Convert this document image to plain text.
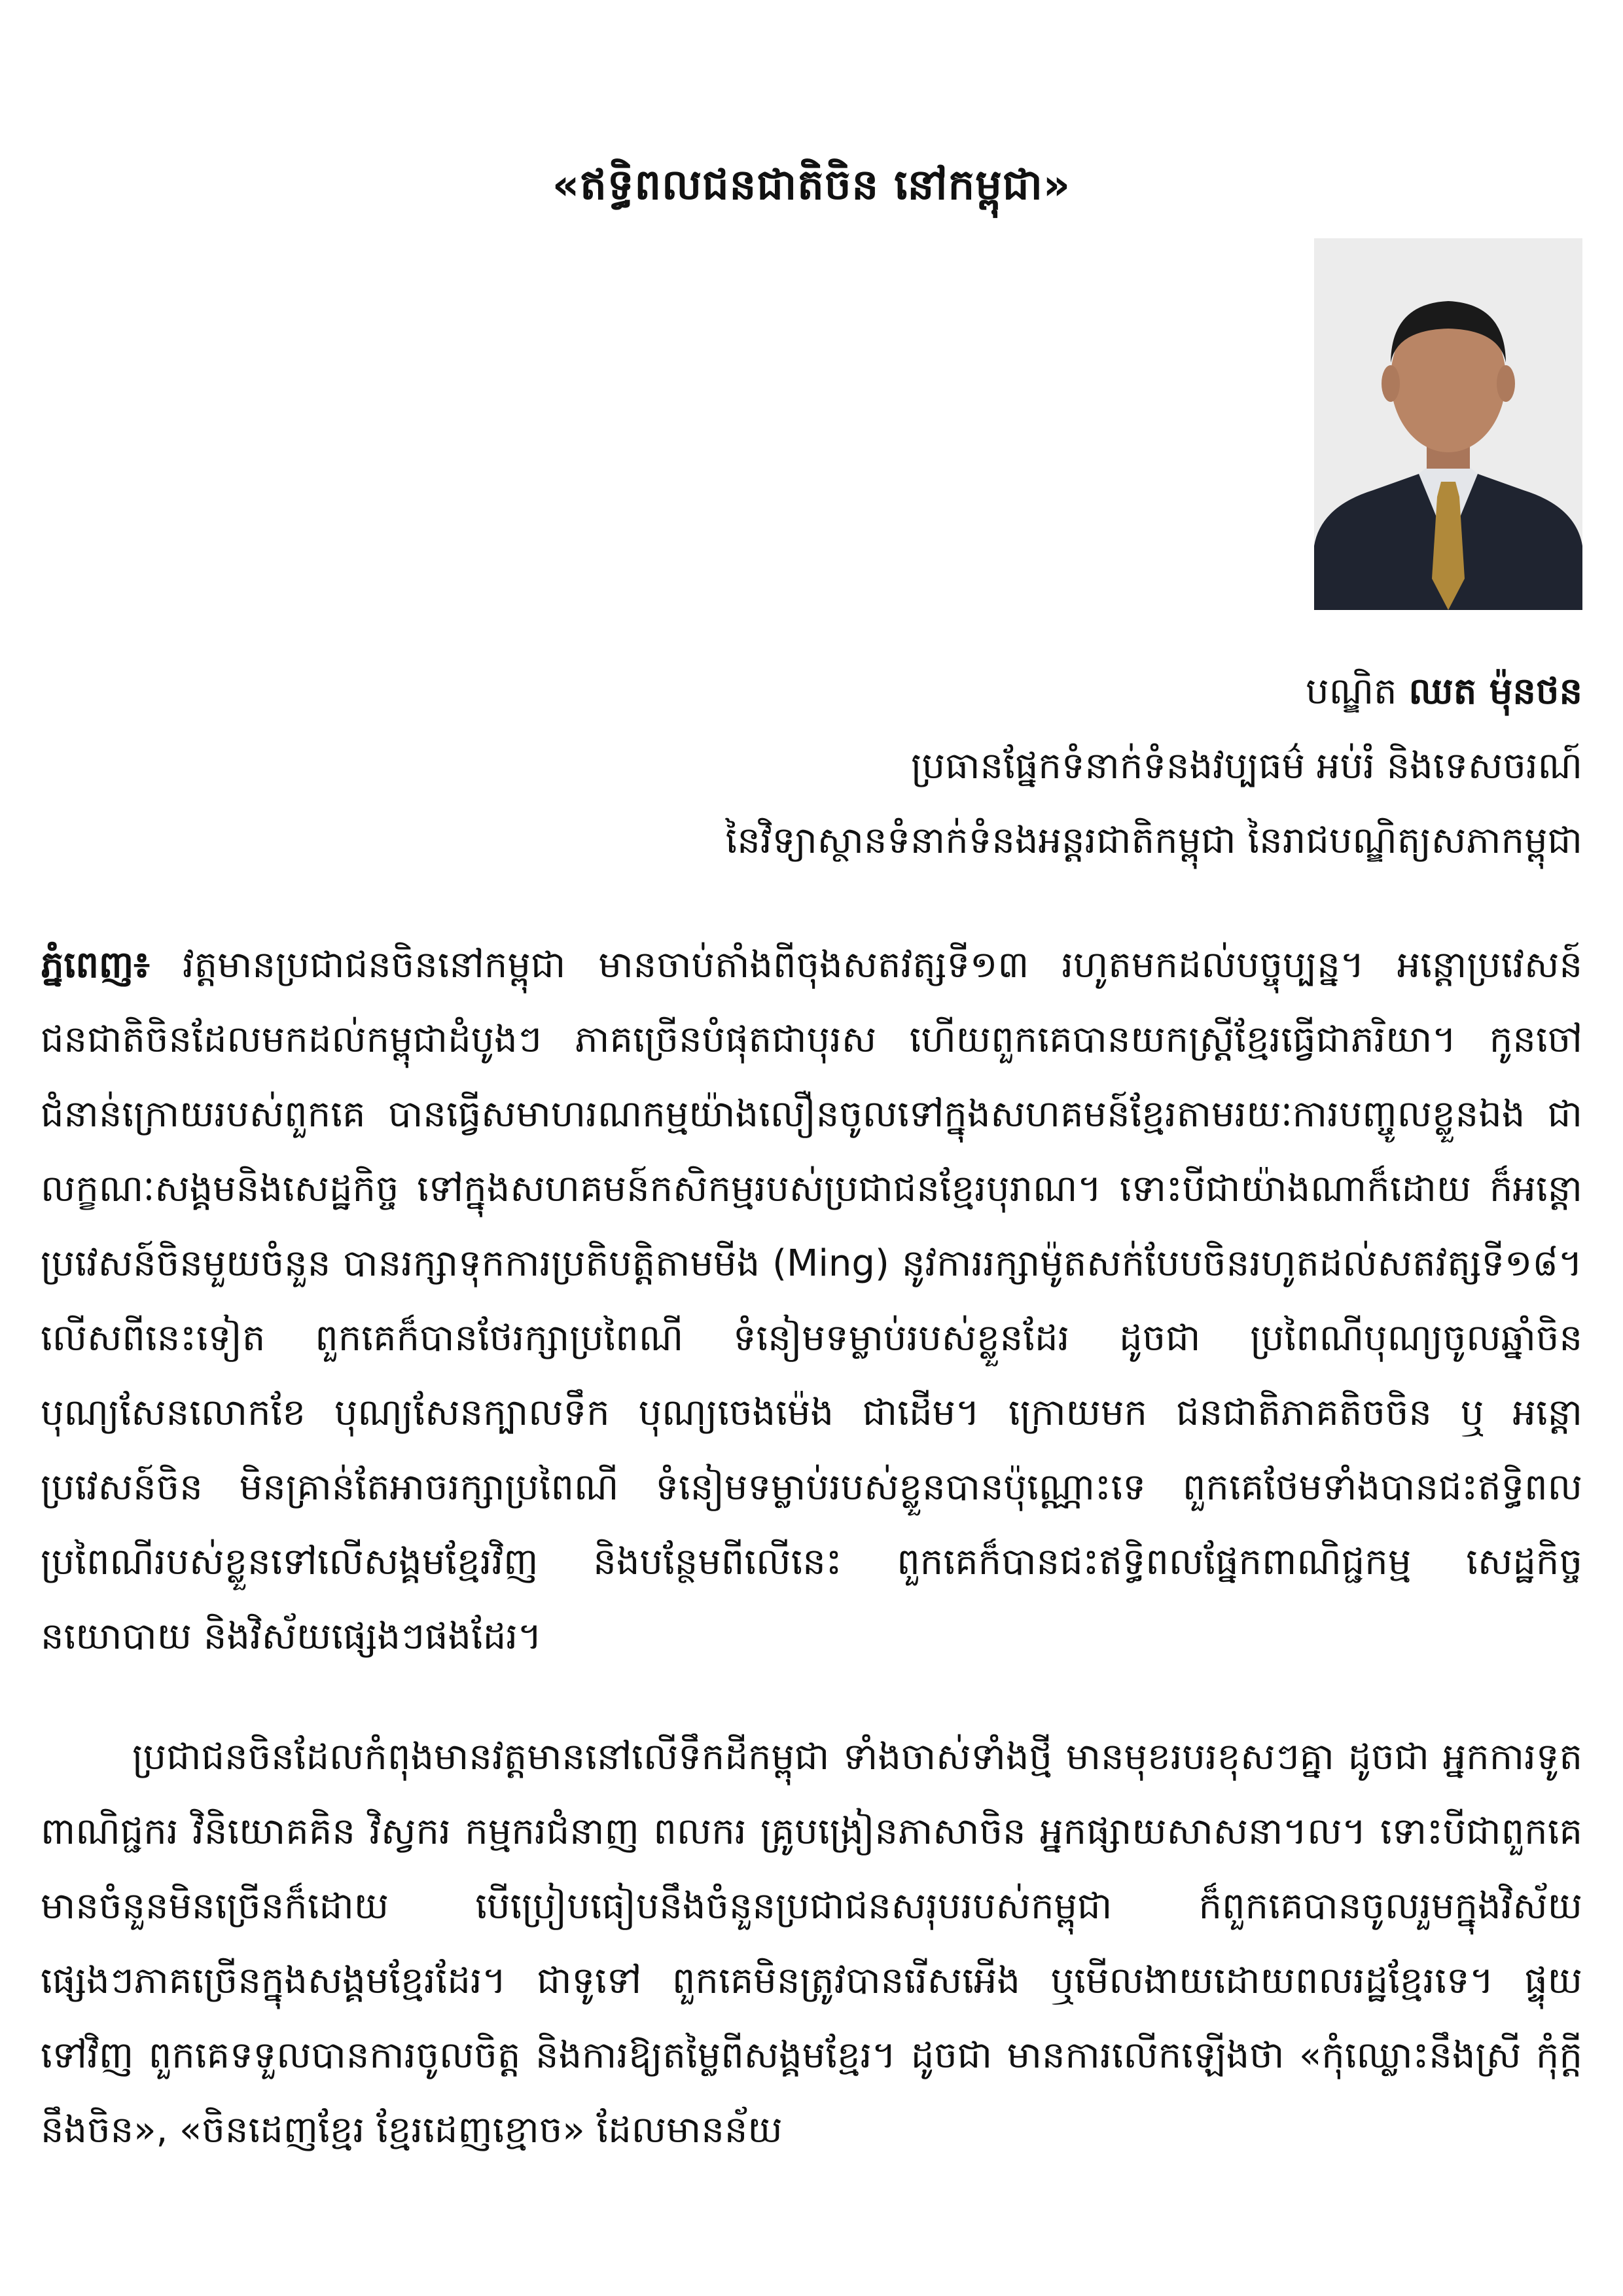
«ឥទ្ធិពលជនជាតិចិន នៅកម្ពុជា»
បណ្ឌិត ឈត ម៉ុនថន
ប្រធានផ្នែកទំនាក់ទំនងវប្បធម៌ អប់រំ និងទេសចរណ៍
នៃវិទ្យាស្ថានទំនាក់ទំនងអន្តរជាតិកម្ពុជា នៃរាជបណ្ឌិត្យសភាកម្ពុជា

ភ្នំពេញ៖ វត្តមានប្រជាជនចិននៅកម្ពុជា មានចាប់តាំងពីចុងសតវត្សទី១៣ រហូតមកដល់បច្ចុប្បន្ន។ អន្តោប្រវេសន៍ជនជាតិចិនដែលមកដល់កម្ពុជាដំបូងៗ ភាគច្រើនបំផុតជាបុរស ហើយពួកគេបានយកស្ត្រីខ្មែរធ្វើជាភរិយា។ កូនចៅជំនាន់ក្រោយរបស់ពួកគេ បានធ្វើសមាហរណកម្មយ៉ាងលឿនចូលទៅក្នុងសហគមន៍ខ្មែរតាមរយៈការបញ្ចូលខ្លួនឯង ជាលក្ខណៈសង្គមនិងសេដ្ឋកិច្ច ទៅក្នុងសហគមន៍កសិកម្មរបស់ប្រជាជនខ្មែរបុរាណ។ ទោះបីជាយ៉ាងណាក៏ដោយ ក៏អន្តោប្រវេសន៍ចិនមួយចំនួន បានរក្សាទុកការប្រតិបត្តិតាមមីង (Ming) នូវការរក្សាម៉ូតសក់បែបចិនរហូតដល់សតវត្សទី១៨។ លើសពីនេះទៀត ពួកគេក៏បានថែរក្សាប្រពៃណី ទំនៀមទម្លាប់របស់ខ្លួនដែរ ដូចជា ប្រពៃណីបុណ្យចូលឆ្នាំចិន បុណ្យសែនលោកខែ បុណ្យសែនក្បាលទឹក បុណ្យចេងម៉េង ជាដើម។ ក្រោយមក ជនជាតិភាគតិចចិន ឬ អន្តោប្រវេសន៍ចិន មិនគ្រាន់តែអាចរក្សាប្រពៃណី ទំនៀមទម្លាប់របស់ខ្លួនបានប៉ុណ្ណោះទេ ពួកគេថែមទាំងបានជះឥទ្ធិពលប្រពៃណីរបស់ខ្លួនទៅលើសង្គមខ្មែរវិញ និងបន្ថែមពីលើនេះ ពួកគេក៏បានជះឥទ្ធិពលផ្នែកពាណិជ្ជកម្ម សេដ្ឋកិច្ច នយោបាយ និងវិស័យផ្សេងៗផងដែរ។

ប្រជាជនចិនដែលកំពុងមានវត្តមាននៅលើទឹកដីកម្ពុជា ទាំងចាស់ទាំងថ្មី មានមុខរបរខុសៗគ្នា ដូចជា អ្នកការទូត ពាណិជ្ជករ វិនិយោគគិន វិស្វករ កម្មករជំនាញ ពលករ គ្រូបង្រៀនភាសាចិន អ្នកផ្សាយសាសនា។ល។ ទោះបីជាពួកគេមានចំនួនមិនច្រើនក៏ដោយ បើប្រៀបធៀបនឹងចំនួនប្រជាជនសរុបរបស់កម្ពុជា ក៏ពួកគេបានចូលរួមក្នុងវិស័យផ្សេងៗភាគច្រើនក្នុងសង្គមខ្មែរដែរ។ ជាទូទៅ ពួកគេមិនត្រូវបានរើសអើង ឬមើលងាយដោយពលរដ្ឋខ្មែរទេ។ ផ្ទុយទៅវិញ ពួកគេទទួលបានការចូលចិត្ត និងការឱ្យតម្លៃពីសង្គមខ្មែរ។ ដូចជា មានការលើកឡើងថា «កុំឈ្លោះនឹងស្រី កុំក្តីនឹងចិន», «ចិនដេញខ្មែរ ខ្មែរដេញខ្មោច» ដែលមានន័យ
